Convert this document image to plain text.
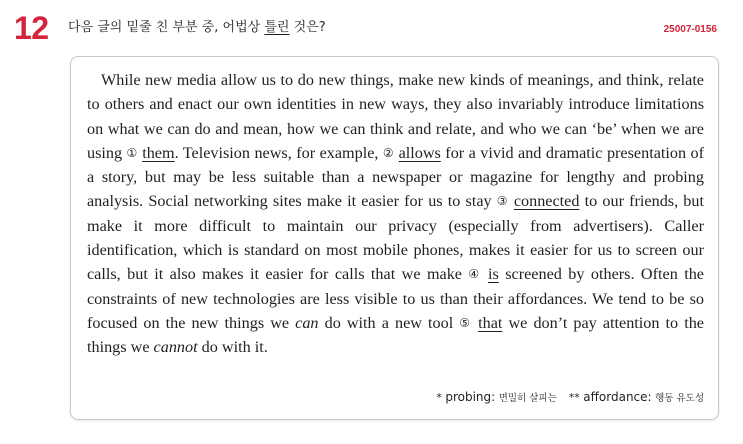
12 다음 글의 밑줄 친 부분 중, 어법상 틀린 것은?	25007-0156

While new media allow us to do new things, make new kinds of meanings, and think, relate to others and enact our own identities in new ways, they also invariably introduce limitations on what we can do and mean, how we can think and relate, and who we can ‘be’ when we are using ① them. Television news, for example, ② allows for a vivid and dramatic presentation of a story, but may be less suitable than a newspaper or magazine for lengthy and probing analysis. Social networking sites make it easier for us to stay ③ connected to our friends, but make it more difficult to maintain our privacy (especially from advertisers). Caller identification, which is standard on most mobile phones, makes it easier for us to screen our calls, but it also makes it easier for calls that we make ④ is screened by others. Often the constraints of new technologies are less visible to us than their affordances. We tend to be so focused on the new things we can do with a new tool ⑤ that we don’t pay attention to the things we cannot do with it.

* probing: 면밀히 살피는 ** affordance: 행동 유도성
